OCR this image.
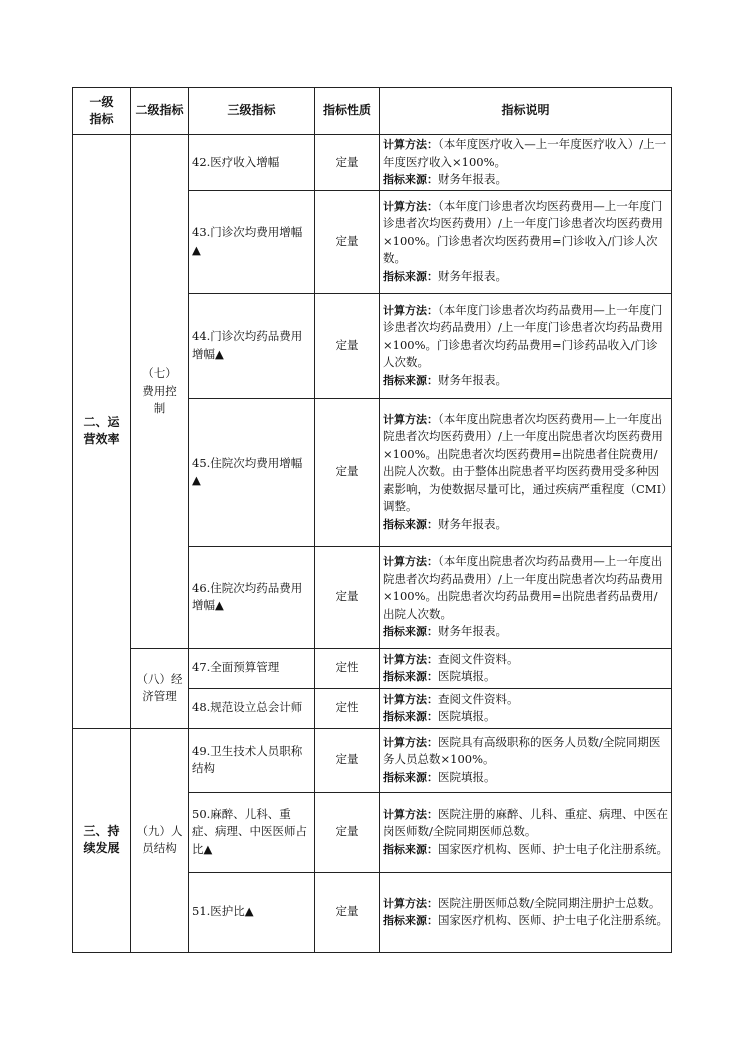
一级指标	二级指标	三级指标	指标性质	指标说明
二、运营效率	（七）费用控制	42.医疗收入增幅	定量	计算方法：（本年度医疗收入—上一年度医疗收入）/上一年度医疗收入×100%。
指标来源：财务年报表。

		43.门诊次均费用增幅▲	定量	计算方法：（本年度门诊患者次均医药费用—上一年度门诊患者次均医药费用）/上一年度门诊患者次均医药费用×100%。门诊患者次均医药费用=门诊收入/门诊人次数。
指标来源：财务年报表。

		44.门诊次均药品费用增幅▲	定量	计算方法：（本年度门诊患者次均药品费用—上一年度门诊患者次均药品费用）/上一年度门诊患者次均药品费用×100%。门诊患者次均药品费用=门诊药品收入/门诊人次数。
指标来源：财务年报表。

		45.住院次均费用增幅▲	定量	计算方法：（本年度出院患者次均医药费用—上一年度出院患者次均医药费用）/上一年度出院患者次均医药费用×100%。出院患者次均医药费用=出院患者住院费用/出院人次数。由于整体出院患者平均医药费用受多种因素影响，为使数据尽量可比，通过疾病严重程度（CMI）调整。
指标来源：财务年报表。

		46.住院次均药品费用增幅▲	定量	计算方法：（本年度出院患者次均药品费用—上一年度出院患者次均药品费用）/上一年度出院患者次均药品费用×100%。出院患者次均药品费用=出院患者药品费用/出院人次数。
指标来源：财务年报表。

	（八）经济管理	47.全面预算管理	定性	计算方法：查阅文件资料。
指标来源：医院填报。

		48.规范设立总会计师	定性	计算方法：查阅文件资料。
指标来源：医院填报。

三、持续发展	（九）人员结构	49.卫生技术人员职称结构	定量	计算方法：医院具有高级职称的医务人员数/全院同期医务人员总数×100%。
指标来源：医院填报。

		50.麻醉、儿科、重症、病理、中医医师占比▲	定量	计算方法：医院注册的麻醉、儿科、重症、病理、中医在岗医师数/全院同期医师总数。
指标来源：国家医疗机构、医师、护士电子化注册系统。

		51.医护比▲	定量	计算方法：医院注册医师总数/全院同期注册护士总数。
指标来源：国家医疗机构、医师、护士电子化注册系统。
